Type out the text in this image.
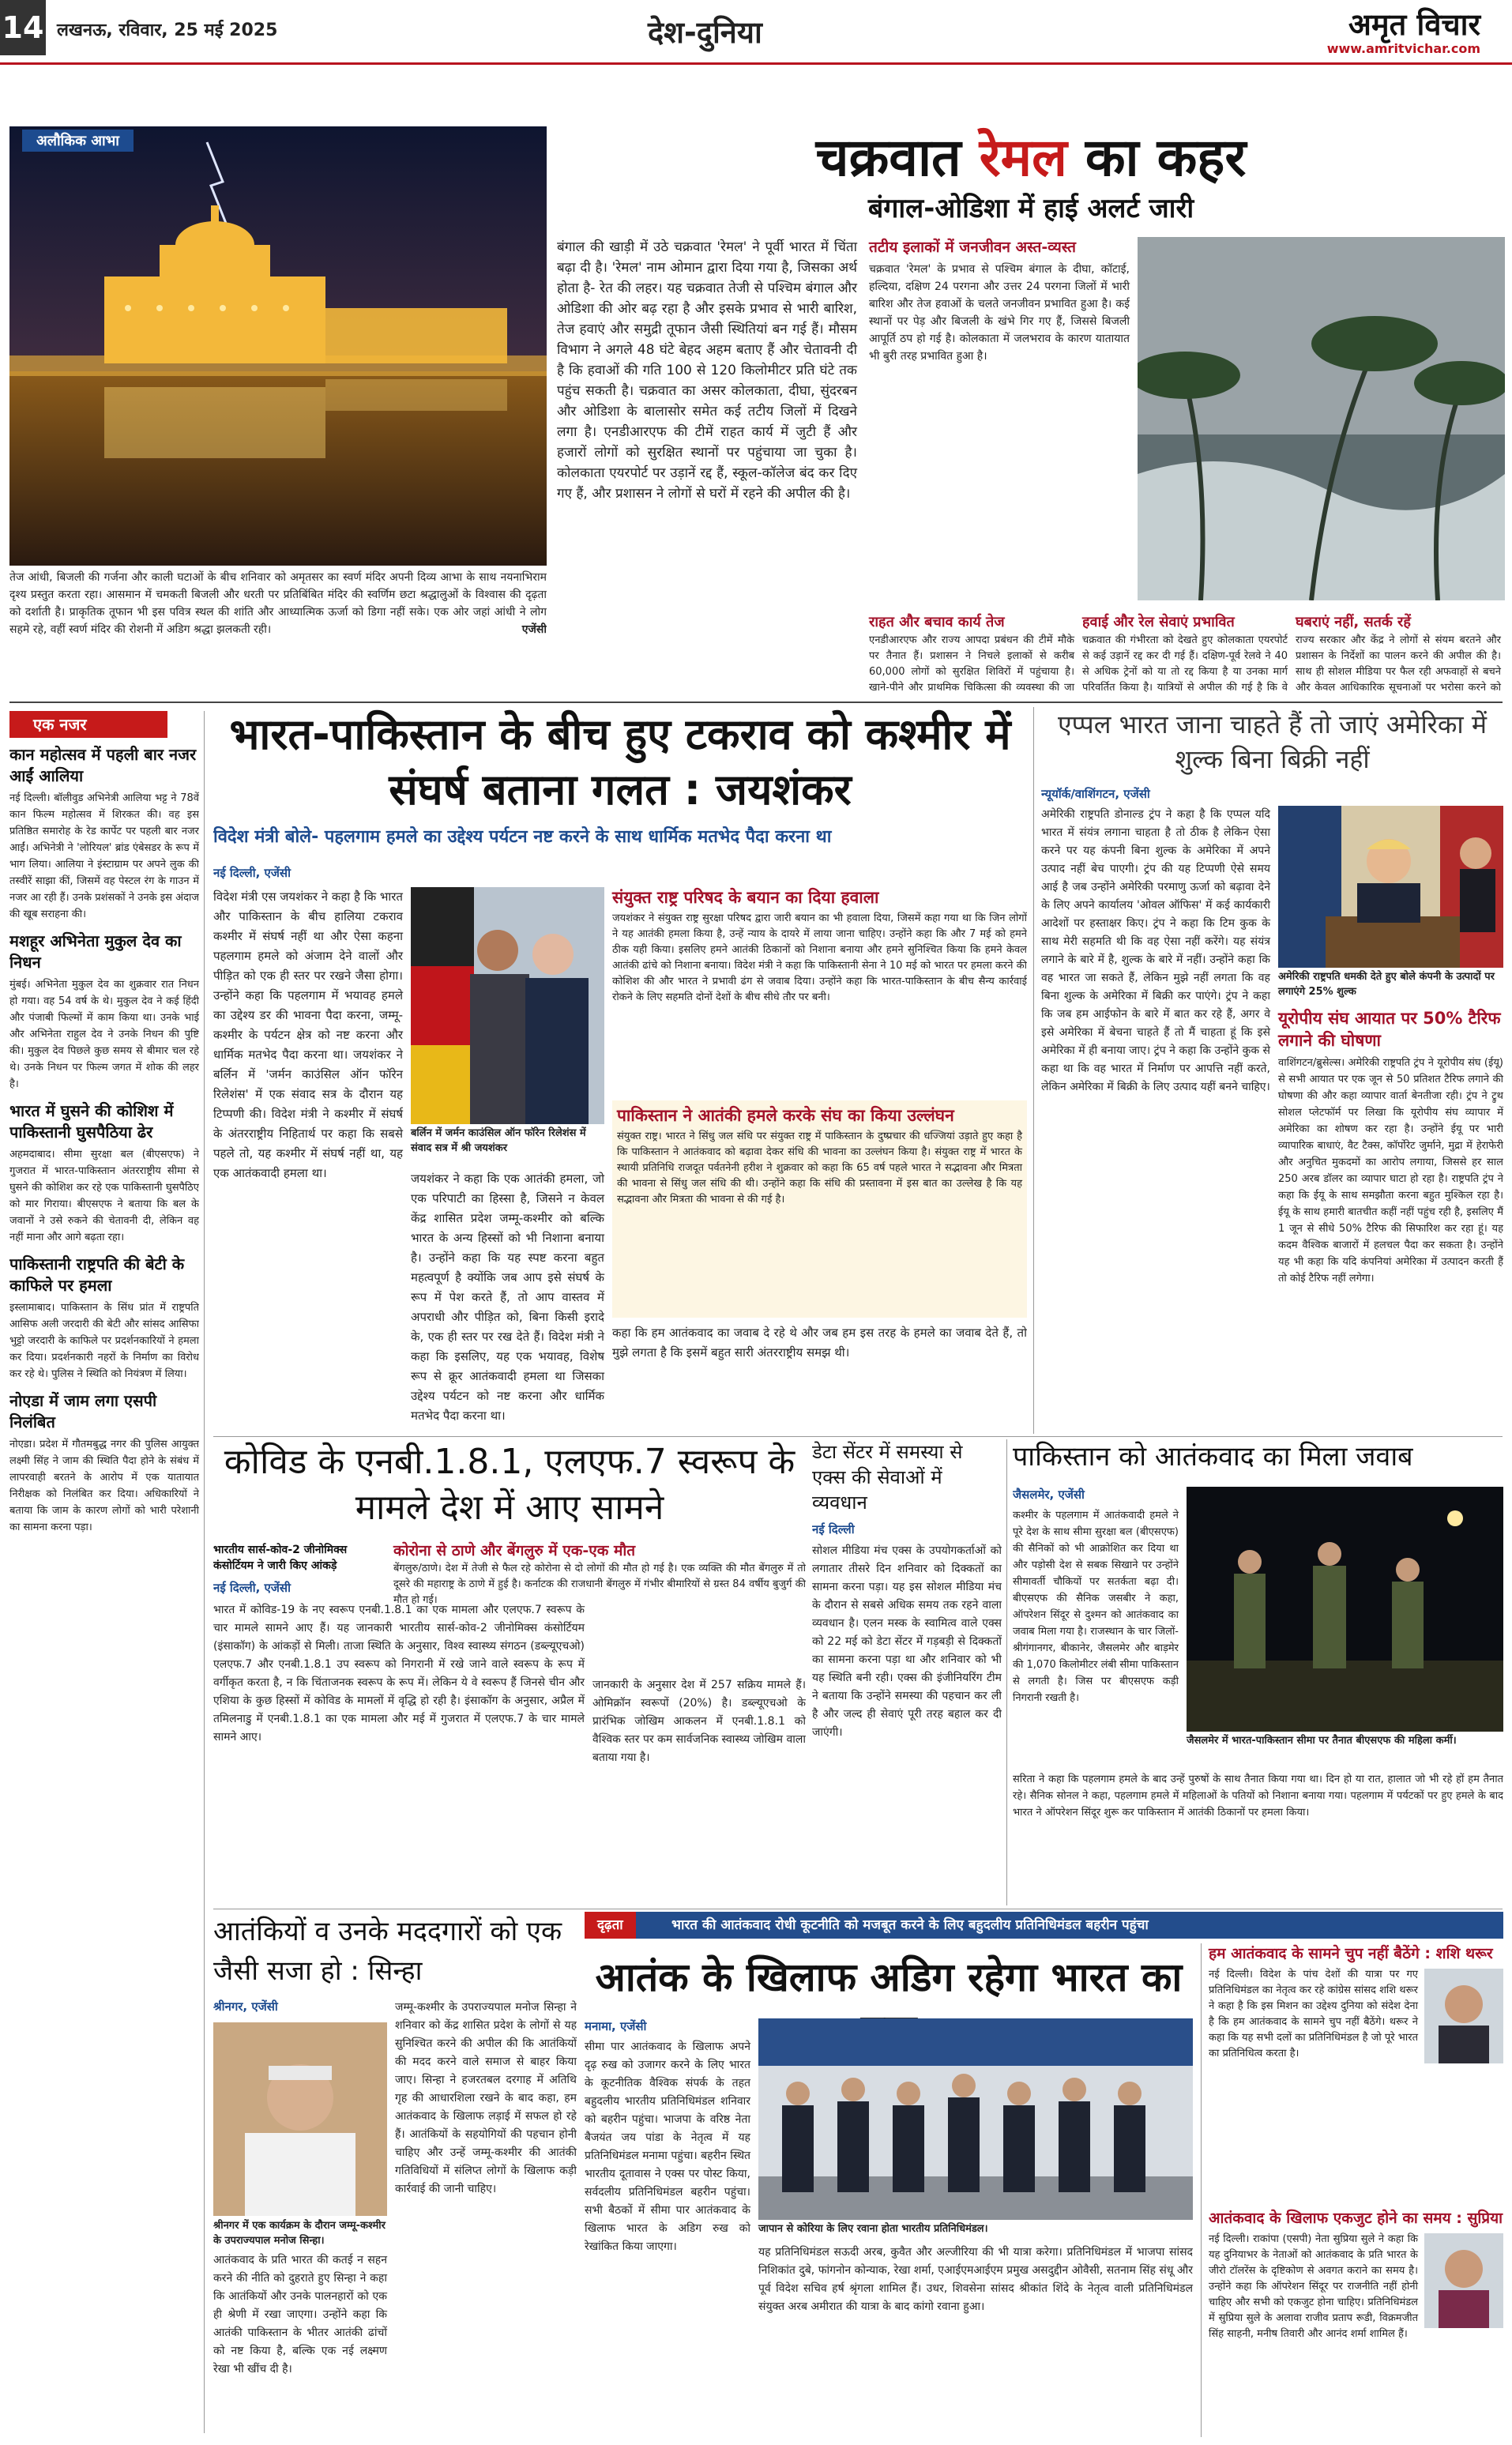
14 लखनऊ, रविवार, 25 मई 2025	देश-दुनिया	अमृत विचार
www.amritvichar.com
अलौकिक आभा
तेज आंधी, बिजली की गर्जना और काली घटाओं के बीच शनिवार को अमृतसर का स्वर्ण मंदिर अपनी दिव्य आभा के साथ नयनाभिराम दृश्य प्रस्तुत करता रहा। आसमान में चमकती बिजली और धरती पर प्रतिबिंबित मंदिर की स्वर्णिम छटा श्रद्धालुओं के विश्वास की दृढ़ता को दर्शाती है। प्राकृतिक तूफान भी इस पवित्र स्थल की शांति और आध्यात्मिक ऊर्जा को डिगा नहीं सके। एक ओर जहां आंधी ने लोग सहमे रहे, वहीं स्वर्ण मंदिर की रोशनी में अडिग श्रद्धा झलकती रही।	एजेंसी
चक्रवात रेमल का कहर
बंगाल-ओडिशा में हाई अलर्ट जारी
बंगाल की खाड़ी में उठे चक्रवात 'रेमल' ने पूर्वी भारत में चिंता बढ़ा दी है। 'रेमल' नाम ओमान द्वारा दिया गया है, जिसका अर्थ होता है- रेत की लहर। यह चक्रवात तेजी से पश्चिम बंगाल और ओडिशा की ओर बढ़ रहा है और इसके प्रभाव से भारी बारिश, तेज हवाएं और समुद्री तूफान जैसी स्थितियां बन गई हैं। मौसम विभाग ने अगले 48 घंटे बेहद अहम बताए हैं और चेतावनी दी है कि हवाओं की गति 100 से 120 किलोमीटर प्रति घंटे तक पहुंच सकती है। चक्रवात का असर कोलकाता, दीघा, सुंदरबन और ओडिशा के बालासोर समेत कई तटीय जिलों में दिखने लगा है। एनडीआरएफ की टीमें राहत कार्य में जुटी हैं और हजारों लोगों को सुरक्षित स्थानों पर पहुंचाया जा चुका है। कोलकाता एयरपोर्ट पर उड़ानें रद्द हैं, स्कूल-कॉलेज बंद कर दिए गए हैं, और प्रशासन ने लोगों से घरों में रहने की अपील की है।
तटीय इलाकों में जनजीवन अस्त-व्यस्त
चक्रवात 'रेमल' के प्रभाव से पश्चिम बंगाल के दीघा, कॉटाई, हल्दिया, दक्षिण 24 परगना और उत्तर 24 परगना जिलों में भारी बारिश और तेज हवाओं के चलते जनजीवन प्रभावित हुआ है। कई स्थानों पर पेड़ और बिजली के खंभे गिर गए हैं, जिससे बिजली आपूर्ति ठप हो गई है। कोलकाता में जलभराव के कारण यातायात भी बुरी तरह प्रभावित हुआ है।
राहत और बचाव कार्य तेज
एनडीआरएफ और राज्य आपदा प्रबंधन की टीमें मौके पर तैनात हैं। प्रशासन ने निचले इलाकों से करीब 60,000 लोगों को सुरक्षित शिविरों में पहुंचाया है। खाने-पीने और प्राथमिक चिकित्सा की व्यवस्था की जा
हवाई और रेल सेवाएं प्रभावित
चक्रवात की गंभीरता को देखते हुए कोलकाता एयरपोर्ट से कई उड़ानें रद्द कर दी गई हैं। दक्षिण-पूर्व रेलवे ने 40 से अधिक ट्रेनों को या तो रद्द किया है या उनका मार्ग परिवर्तित किया है। यात्रियों से अपील की गई है कि वे
घबराएं नहीं, सतर्क रहें
राज्य सरकार और केंद्र ने लोगों से संयम बरतने और प्रशासन के निर्देशों का पालन करने की अपील की है। साथ ही सोशल मीडिया पर फैल रही अफवाहों से बचने और केवल आधिकारिक सूचनाओं पर भरोसा करने को
एक नजर
कान महोत्सव में पहली बार नजर आईं आलिया
नई दिल्ली। बॉलीवुड अभिनेत्री आलिया भट्ट ने 78वें कान फिल्म महोत्सव में शिरकत की। वह इस प्रतिष्ठित समारोह के रेड कार्पेट पर पहली बार नजर आईं। अभिनेत्री ने 'लोरियल' ब्रांड एंबेसडर के रूप में भाग लिया। आलिया ने इंस्टाग्राम पर अपने लुक की तस्वीरें साझा कीं, जिसमें वह पेस्टल रंग के गाउन में नजर आ रही हैं। उनके प्रशंसकों ने उनके इस अंदाज की खूब सराहना की।
मशहूर अभिनेता मुकुल देव का निधन
मुंबई। अभिनेता मुकुल देव का शुक्रवार रात निधन हो गया। वह 54 वर्ष के थे। मुकुल देव ने कई हिंदी और पंजाबी फिल्मों में काम किया था। उनके भाई और अभिनेता राहुल देव ने उनके निधन की पुष्टि की। मुकुल देव पिछले कुछ समय से बीमार चल रहे थे। उनके निधन पर फिल्म जगत में शोक की लहर है।
भारत में घुसने की कोशिश में पाकिस्तानी घुसपैठिया ढेर
अहमदाबाद। सीमा सुरक्षा बल (बीएसएफ) ने गुजरात में भारत-पाकिस्तान अंतरराष्ट्रीय सीमा से घुसने की कोशिश कर रहे एक पाकिस्तानी घुसपैठिए को मार गिराया। बीएसएफ ने बताया कि बल के जवानों ने उसे रुकने की चेतावनी दी, लेकिन वह नहीं माना और आगे बढ़ता रहा।
पाकिस्तानी राष्ट्रपति की बेटी के काफिले पर हमला
इस्लामाबाद। पाकिस्तान के सिंध प्रांत में राष्ट्रपति आसिफ अली जरदारी की बेटी और सांसद आसिफा भुट्टो जरदारी के काफिले पर प्रदर्शनकारियों ने हमला कर दिया। प्रदर्शनकारी नहरों के निर्माण का विरोध कर रहे थे। पुलिस ने स्थिति को नियंत्रण में लिया।
नोएडा में जाम लगा एसपी निलंबित
नोएडा। प्रदेश में गौतमबुद्ध नगर की पुलिस आयुक्त लक्ष्मी सिंह ने जाम की स्थिति पैदा होने के संबंध में लापरवाही बरतने के आरोप में एक यातायात निरीक्षक को निलंबित कर दिया। अधिकारियों ने बताया कि जाम के कारण लोगों को भारी परेशानी का सामना करना पड़ा।
भारत-पाकिस्तान के बीच हुए टकराव को कश्मीर में संघर्ष बताना गलत : जयशंकर
विदेश मंत्री बोले- पहलगाम हमले का उद्देश्य पर्यटन नष्ट करने के साथ धार्मिक मतभेद पैदा करना था
नई दिल्ली, एजेंसी
विदेश मंत्री एस जयशंकर ने कहा है कि भारत और पाकिस्तान के बीच हालिया टकराव कश्मीर में संघर्ष नहीं था और ऐसा कहना पहलगाम हमले को अंजाम देने वालों और पीड़ित को एक ही स्तर पर रखने जैसा होगा। उन्होंने कहा कि पहलगाम में भयावह हमले का उद्देश्य डर की भावना पैदा करना, जम्मू-कश्मीर के पर्यटन क्षेत्र को नष्ट करना और धार्मिक मतभेद पैदा करना था। जयशंकर ने बर्लिन में 'जर्मन काउंसिल ऑन फॉरेन रिलेशंस' में एक संवाद सत्र के दौरान यह टिप्पणी की। विदेश मंत्री ने कश्मीर में संघर्ष के अंतरराष्ट्रीय निहितार्थ पर कहा कि सबसे पहले तो, यह कश्मीर में संघर्ष नहीं था, यह एक आतंकवादी हमला था।
बर्लिन में जर्मन काउंसिल ऑन फॉरेन रिलेशंस में संवाद सत्र में श्री जयशंकर
जयशंकर ने कहा कि एक आतंकी हमला, जो एक परिपाटी का हिस्सा है, जिसने न केवल केंद्र शासित प्रदेश जम्मू-कश्मीर को बल्कि भारत के अन्य हिस्सों को भी निशाना बनाया है। उन्होंने कहा कि यह स्पष्ट करना बहुत महत्वपूर्ण है क्योंकि जब आप इसे संघर्ष के रूप में पेश करते हैं, तो आप वास्तव में अपराधी और पीड़ित को, बिना किसी इरादे के, एक ही स्तर पर रख देते हैं। विदेश मंत्री ने कहा कि इसलिए, यह एक भयावह, विशेष रूप से क्रूर आतंकवादी हमला था जिसका उद्देश्य पर्यटन को नष्ट करना और धार्मिक मतभेद पैदा करना था।
संयुक्त राष्ट्र परिषद के बयान का दिया हवाला
जयशंकर ने संयुक्त राष्ट्र सुरक्षा परिषद द्वारा जारी बयान का भी हवाला दिया, जिसमें कहा गया था कि जिन लोगों ने यह आतंकी हमला किया है, उन्हें न्याय के दायरे में लाया जाना चाहिए। उन्होंने कहा कि और 7 मई को हमने ठीक यही किया। इसलिए हमने आतंकी ठिकानों को निशाना बनाया और हमने सुनिश्चित किया कि हमने केवल आतंकी ढांचे को निशाना बनाया। विदेश मंत्री ने कहा कि पाकिस्तानी सेना ने 10 मई को भारत पर हमला करने की कोशिश की और भारत ने प्रभावी ढंग से जवाब दिया। उन्होंने कहा कि भारत-पाकिस्तान के बीच सैन्य कार्रवाई रोकने के लिए सहमति दोनों देशों के बीच सीधे तौर पर बनी।
पाकिस्तान ने आतंकी हमले करके संघ का किया उल्लंघन
संयुक्त राष्ट्र। भारत ने सिंधु जल संधि पर संयुक्त राष्ट्र में पाकिस्तान के दुष्प्रचार की धज्जियां उड़ाते हुए कहा है कि पाकिस्तान ने आतंकवाद को बढ़ावा देकर संधि की भावना का उल्लंघन किया है। संयुक्त राष्ट्र में भारत के स्थायी प्रतिनिधि राजदूत पर्वतनेनी हरीश ने शुक्रवार को कहा कि 65 वर्ष पहले भारत ने सद्भावना और मित्रता की भावना से सिंधु जल संधि की थी। उन्होंने कहा कि संधि की प्रस्तावना में इस बात का उल्लेख है कि यह सद्भावना और मित्रता की भावना से की गई है।
कहा कि हम आतंकवाद का जवाब दे रहे थे और जब हम इस तरह के हमले का जवाब देते हैं, तो मुझे लगता है कि इसमें बहुत सारी अंतरराष्ट्रीय समझ थी।
एप्पल भारत जाना चाहते हैं तो जाएं अमेरिका में शुल्क बिना बिक्री नहीं
न्यूयॉर्क/वाशिंगटन, एजेंसी
अमेरिकी राष्ट्रपति डोनाल्ड ट्रंप ने कहा है कि एप्पल यदि भारत में संयंत्र लगाना चाहता है तो ठीक है लेकिन ऐसा करने पर यह कंपनी बिना शुल्क के अमेरिका में अपने उत्पाद नहीं बेच पाएगी। ट्रंप की यह टिप्पणी ऐसे समय आई है जब उन्होंने अमेरिकी परमाणु ऊर्जा को बढ़ावा देने के लिए अपने कार्यालय 'ओवल ऑफिस' में कई कार्यकारी आदेशों पर हस्ताक्षर किए। ट्रंप ने कहा कि टिम कुक के साथ मेरी सहमति थी कि वह ऐसा नहीं करेंगे। यह संयंत्र लगाने के बारे में है, शुल्क के बारे में नहीं। उन्होंने कहा कि वह भारत जा सकते हैं, लेकिन मुझे नहीं लगता कि वह बिना शुल्क के अमेरिका में बिक्री कर पाएंगे। ट्रंप ने कहा कि जब हम आईफोन के बारे में बात कर रहे हैं, अगर वे इसे अमेरिका में बेचना चाहते हैं तो मैं चाहता हूं कि इसे अमेरिका में ही बनाया जाए। ट्रंप ने कहा कि उन्होंने कुक से कहा था कि वह भारत में निर्माण पर आपत्ति नहीं करते, लेकिन अमेरिका में बिक्री के लिए उत्पाद यहीं बनने चाहिए।
अमेरिकी राष्ट्रपति धमकी देते हुए बोले कंपनी के उत्पादों पर लगाएंगे 25% शुल्क
यूरोपीय संघ आयात पर 50% टैरिफ लगाने की घोषणा
वाशिंगटन/ब्रुसेल्स। अमेरिकी राष्ट्रपति ट्रंप ने यूरोपीय संघ (ईयू) से सभी आयात पर एक जून से 50 प्रतिशत टैरिफ लगाने की घोषणा की और कहा व्यापार वार्ता बेनतीजा रही। ट्रंप ने ट्रुथ सोशल प्लेटफॉर्म पर लिखा कि यूरोपीय संघ व्यापार में अमेरिका का शोषण कर रहा है। उन्होंने ईयू पर भारी व्यापारिक बाधाएं, वैट टैक्स, कॉर्पोरेट जुर्माने, मुद्रा में हेराफेरी और अनुचित मुकदमों का आरोप लगाया, जिससे हर साल 250 अरब डॉलर का व्यापार घाटा हो रहा है। राष्ट्रपति ट्रंप ने कहा कि ईयू के साथ समझौता करना बहुत मुश्किल रहा है। ईयू के साथ हमारी बातचीत कहीं नहीं पहुंच रही है, इसलिए मैं 1 जून से सीधे 50% टैरिफ की सिफारिश कर रहा हूं। यह कदम वैश्विक बाजारों में हलचल पैदा कर सकता है। उन्होंने यह भी कहा कि यदि कंपनियां अमेरिका में उत्पादन करती हैं तो कोई टैरिफ नहीं लगेगा।
कोविड के एनबी.1.8.1, एलएफ.7 स्वरूप के मामले देश में आए सामने
भारतीय सार्स-कोव-2 जीनोमिक्स कंसोर्टियम ने जारी किए आंकड़े
नई दिल्ली, एजेंसी
भारत में कोविड-19 के नए स्वरूप एनबी.1.8.1 का एक मामला और एलएफ.7 स्वरूप के चार मामले सामने आए हैं। यह जानकारी भारतीय सार्स-कोव-2 जीनोमिक्स कंसोर्टियम (इंसाकॉग) के आंकड़ों से मिली। ताजा स्थिति के अनुसार, विश्व स्वास्थ्य संगठन (डब्ल्यूएचओ) एलएफ.7 और एनबी.1.8.1 उप स्वरूप को निगरानी में रखे जाने वाले स्वरूप के रूप में वर्गीकृत करता है, न कि चिंताजनक स्वरूप के रूप में। लेकिन ये वे स्वरूप हैं जिनसे चीन और एशिया के कुछ हिस्सों में कोविड के मामलों में वृद्धि हो रही है। इंसाकॉग के अनुसार, अप्रैल में तमिलनाडु में एनबी.1.8.1 का एक मामला और मई में गुजरात में एलएफ.7 के चार मामले सामने आए।
कोरोना से ठाणे और बेंगलुरु में एक-एक मौत
बेंगलुरु/ठाणे। देश में तेजी से फैल रहे कोरोना से दो लोगों की मौत हो गई है। एक व्यक्ति की मौत बेंगलुरु में तो दूसरे की महाराष्ट्र के ठाणे में हुई है। कर्नाटक की राजधानी बेंगलुरु में गंभीर बीमारियों से ग्रस्त 84 वर्षीय बुजुर्ग की मौत हो गई।
जानकारी के अनुसार देश में 257 सक्रिय मामले हैं। ओमिक्रॉन स्वरूपों (20%) है। डब्ल्यूएचओ के प्रारंभिक जोखिम आकलन में एनबी.1.8.1 को वैश्विक स्तर पर कम सार्वजनिक स्वास्थ्य जोखिम वाला बताया गया है।
डेटा सेंटर में समस्या से एक्स की सेवाओं में व्यवधान
नई दिल्ली
सोशल मीडिया मंच एक्स के उपयोगकर्ताओं को लगातार तीसरे दिन शनिवार को दिक्कतों का सामना करना पड़ा। यह इस सोशल मीडिया मंच के दौरान से सबसे अधिक समय तक रहने वाला व्यवधान है। एलन मस्क के स्वामित्व वाले एक्स को 22 मई को डेटा सेंटर में गड़बड़ी से दिक्कतों का सामना करना पड़ा था और शनिवार को भी यह स्थिति बनी रही। एक्स की इंजीनियरिंग टीम ने बताया कि उन्होंने समस्या की पहचान कर ली है और जल्द ही सेवाएं पूरी तरह बहाल कर दी जाएंगी।
पाकिस्तान को आतंकवाद का मिला जवाब
जैसलमेर, एजेंसी
कश्मीर के पहलगाम में आतंकवादी हमले ने पूरे देश के साथ सीमा सुरक्षा बल (बीएसएफ) की सैनिकों को भी आक्रोशित कर दिया था और पड़ोसी देश से सबक सिखाने पर उन्होंने सीमावर्ती चौकियों पर सतर्कता बढ़ा दी। बीएसएफ की सैनिक जसबीर ने कहा, ऑपरेशन सिंदूर से दुश्मन को आतंकवाद का जवाब मिला गया है। राजस्थान के चार जिलों- श्रीगंगानगर, बीकानेर, जैसलमेर और बाड़मेर की 1,070 किलोमीटर लंबी सीमा पाकिस्तान से लगती है। जिस पर बीएसएफ कड़ी निगरानी रखती है।
जैसलमेर में भारत-पाकिस्तान सीमा पर तैनात बीएसएफ की महिला कर्मी।
सरिता ने कहा कि पहलगाम हमले के बाद उन्हें पुरुषों के साथ तैनात किया गया था। दिन हो या रात, हालात जो भी रहे हों हम तैनात रहे। सैनिक सोनल ने कहा, पहलगाम हमले में महिलाओं के पतियों को निशाना बनाया गया। पहलगाम में पर्यटकों पर हुए हमले के बाद भारत ने ऑपरेशन सिंदूर शुरू कर पाकिस्तान में आतंकी ठिकानों पर हमला किया।
आतंकियों व उनके मददगारों को एक जैसी सजा हो : सिन्हा
श्रीनगर, एजेंसी	जम्मू-कश्मीर के उपराज्यपाल मनोज सिन्हा ने शनिवार को केंद्र शासित प्रदेश के लोगों से यह सुनिश्चित करने की अपील की कि आतंकियों की मदद करने वाले समाज से बाहर किया जाए। सिन्हा ने हजरतबल दरगाह में अतिथि गृह की आधारशिला रखने के बाद कहा, हम आतंकवाद के खिलाफ लड़ाई में सफल हो रहे हैं। आतंकियों के सहयोगियों की पहचान होनी चाहिए और उन्हें जम्मू-कश्मीर की आतंकी गतिविधियों में संलिप्त लोगों के खिलाफ कड़ी कार्रवाई की जानी चाहिए।
श्रीनगर में एक कार्यक्रम के दौरान जम्मू-कश्मीर के उपराज्यपाल मनोज सिन्हा।
आतंकवाद के प्रति भारत की कतई न सहन करने की नीति को दुहराते हुए सिन्हा ने कहा कि आतंकियों और उनके पालनहारों को एक ही श्रेणी में रखा जाएगा। उन्होंने कहा कि आतंकी पाकिस्तान के भीतर आतंकी ढांचों को नष्ट किया है, बल्कि एक नई लक्ष्मण रेखा भी खींच दी है।
दृढ़ता	भारत की आतंकवाद रोधी कूटनीति को मजबूत करने के लिए बहुदलीय प्रतिनिधिमंडल बहरीन पहुंचा
आतंक के खिलाफ अडिग रहेगा भारत का
मनामा, एजेंसी
सीमा पार आतंकवाद के खिलाफ अपने दृढ़ रुख को उजागर करने के लिए भारत के कूटनीतिक वैश्विक संपर्क के तहत बहुदलीय भारतीय प्रतिनिधिमंडल शनिवार को बहरीन पहुंचा। भाजपा के वरिष्ठ नेता बैजयंत जय पांडा के नेतृत्व में यह प्रतिनिधिमंडल मनामा पहुंचा। बहरीन स्थित भारतीय दूतावास ने एक्स पर पोस्ट किया, सर्वदलीय प्रतिनिधिमंडल बहरीन पहुंचा। सभी बैठकों में सीमा पार आतंकवाद के खिलाफ भारत के अडिग रुख को रेखांकित किया जाएगा।
जापान से कोरिया के लिए रवाना होता भारतीय प्रतिनिधिमंडल।
यह प्रतिनिधिमंडल सऊदी अरब, कुवैत और अल्जीरिया की भी यात्रा करेगा। प्रतिनिधिमंडल में भाजपा सांसद निशिकांत दुबे, फांगनोन कोन्याक, रेखा शर्मा, एआईएमआईएम प्रमुख असदुद्दीन ओवैसी, सतनाम सिंह संधू और पूर्व विदेश सचिव हर्ष श्रृंगला शामिल हैं। उधर, शिवसेना सांसद श्रीकांत शिंदे के नेतृत्व वाली प्रतिनिधिमंडल संयुक्त अरब अमीरात की यात्रा के बाद कांगो रवाना हुआ।
हम आतंकवाद के सामने चुप नहीं बैठेंगे : शशि थरूर
नई दिल्ली। विदेश के पांच देशों की यात्रा पर गए प्रतिनिधिमंडल का नेतृत्व कर रहे कांग्रेस सांसद शशि थरूर ने कहा है कि इस मिशन का उद्देश्य दुनिया को संदेश देना है कि हम आतंकवाद के सामने चुप नहीं बैठेंगे। थरूर ने कहा कि यह सभी दलों का प्रतिनिधिमंडल है जो पूरे भारत का प्रतिनिधित्व करता है।
आतंकवाद के खिलाफ एकजुट होने का समय : सुप्रिया
नई दिल्ली। राकांपा (एसपी) नेता सुप्रिया सुले ने कहा कि यह दुनियाभर के नेताओं को आतंकवाद के प्रति भारत के जीरो टॉलरेंस के दृष्टिकोण से अवगत कराने का समय है। उन्होंने कहा कि ऑपरेशन सिंदूर पर राजनीति नहीं होनी चाहिए और सभी को एकजुट होना चाहिए। प्रतिनिधिमंडल में सुप्रिया सुले के अलावा राजीव प्रताप रूडी, विक्रमजीत सिंह साहनी, मनीष तिवारी और आनंद शर्मा शामिल हैं।
